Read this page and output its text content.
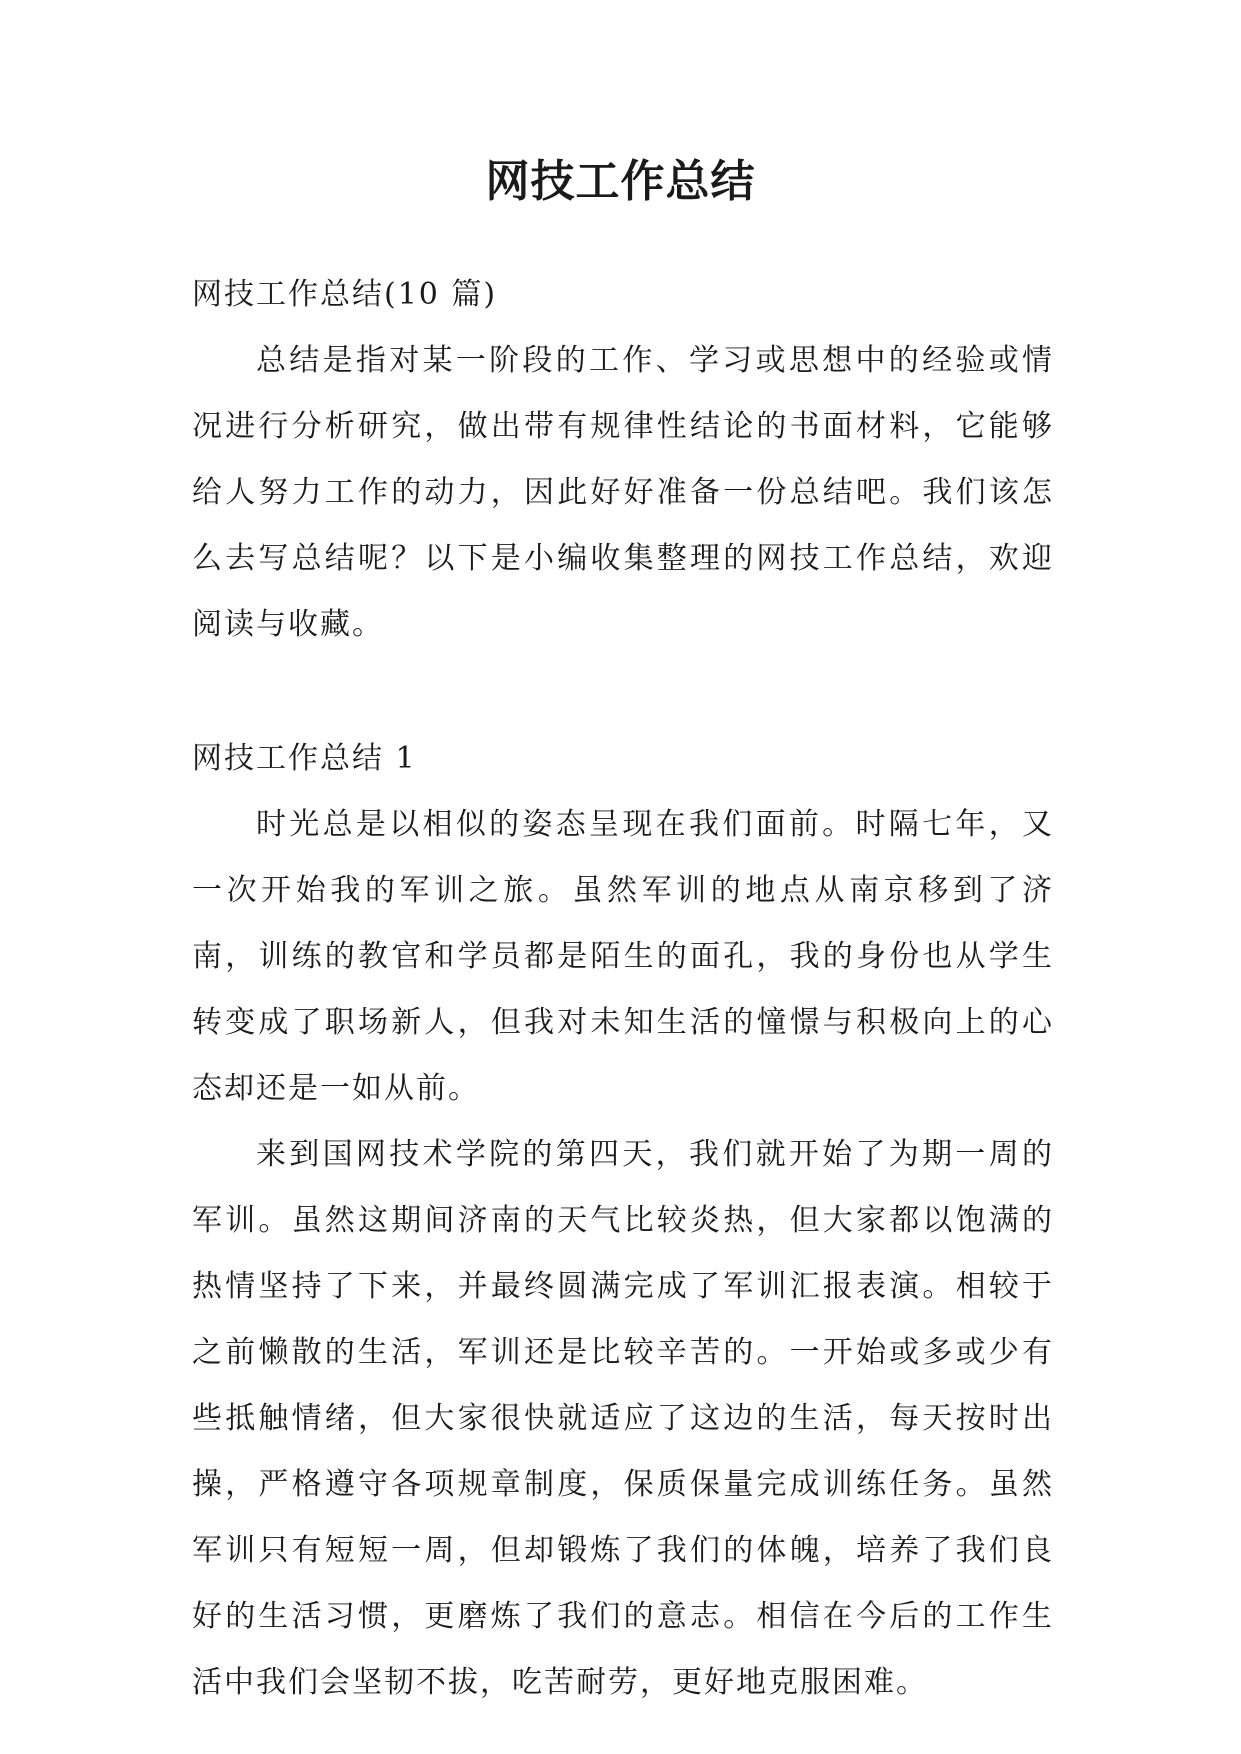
网技工作总结

网技工作总结(10 篇)

总结是指对某一阶段的工作、学习或思想中的经验或情况进行分析研究，做出带有规律性结论的书面材料，它能够给人努力工作的动力，因此好好准备一份总结吧。我们该怎么去写总结呢？以下是小编收集整理的网技工作总结，欢迎阅读与收藏。

网技工作总结 1

时光总是以相似的姿态呈现在我们面前。时隔七年，又一次开始我的军训之旅。虽然军训的地点从南京移到了济南，训练的教官和学员都是陌生的面孔，我的身份也从学生转变成了职场新人，但我对未知生活的憧憬与积极向上的心态却还是一如从前。

来到国网技术学院的第四天，我们就开始了为期一周的军训。虽然这期间济南的天气比较炎热，但大家都以饱满的热情坚持了下来，并最终圆满完成了军训汇报表演。相较于之前懒散的生活，军训还是比较辛苦的。一开始或多或少有些抵触情绪，但大家很快就适应了这边的生活，每天按时出操，严格遵守各项规章制度，保质保量完成训练任务。虽然军训只有短短一周，但却锻炼了我们的体魄，培养了我们良好的生活习惯，更磨炼了我们的意志。相信在今后的工作生活中我们会坚韧不拔，吃苦耐劳，更好地克服困难。
